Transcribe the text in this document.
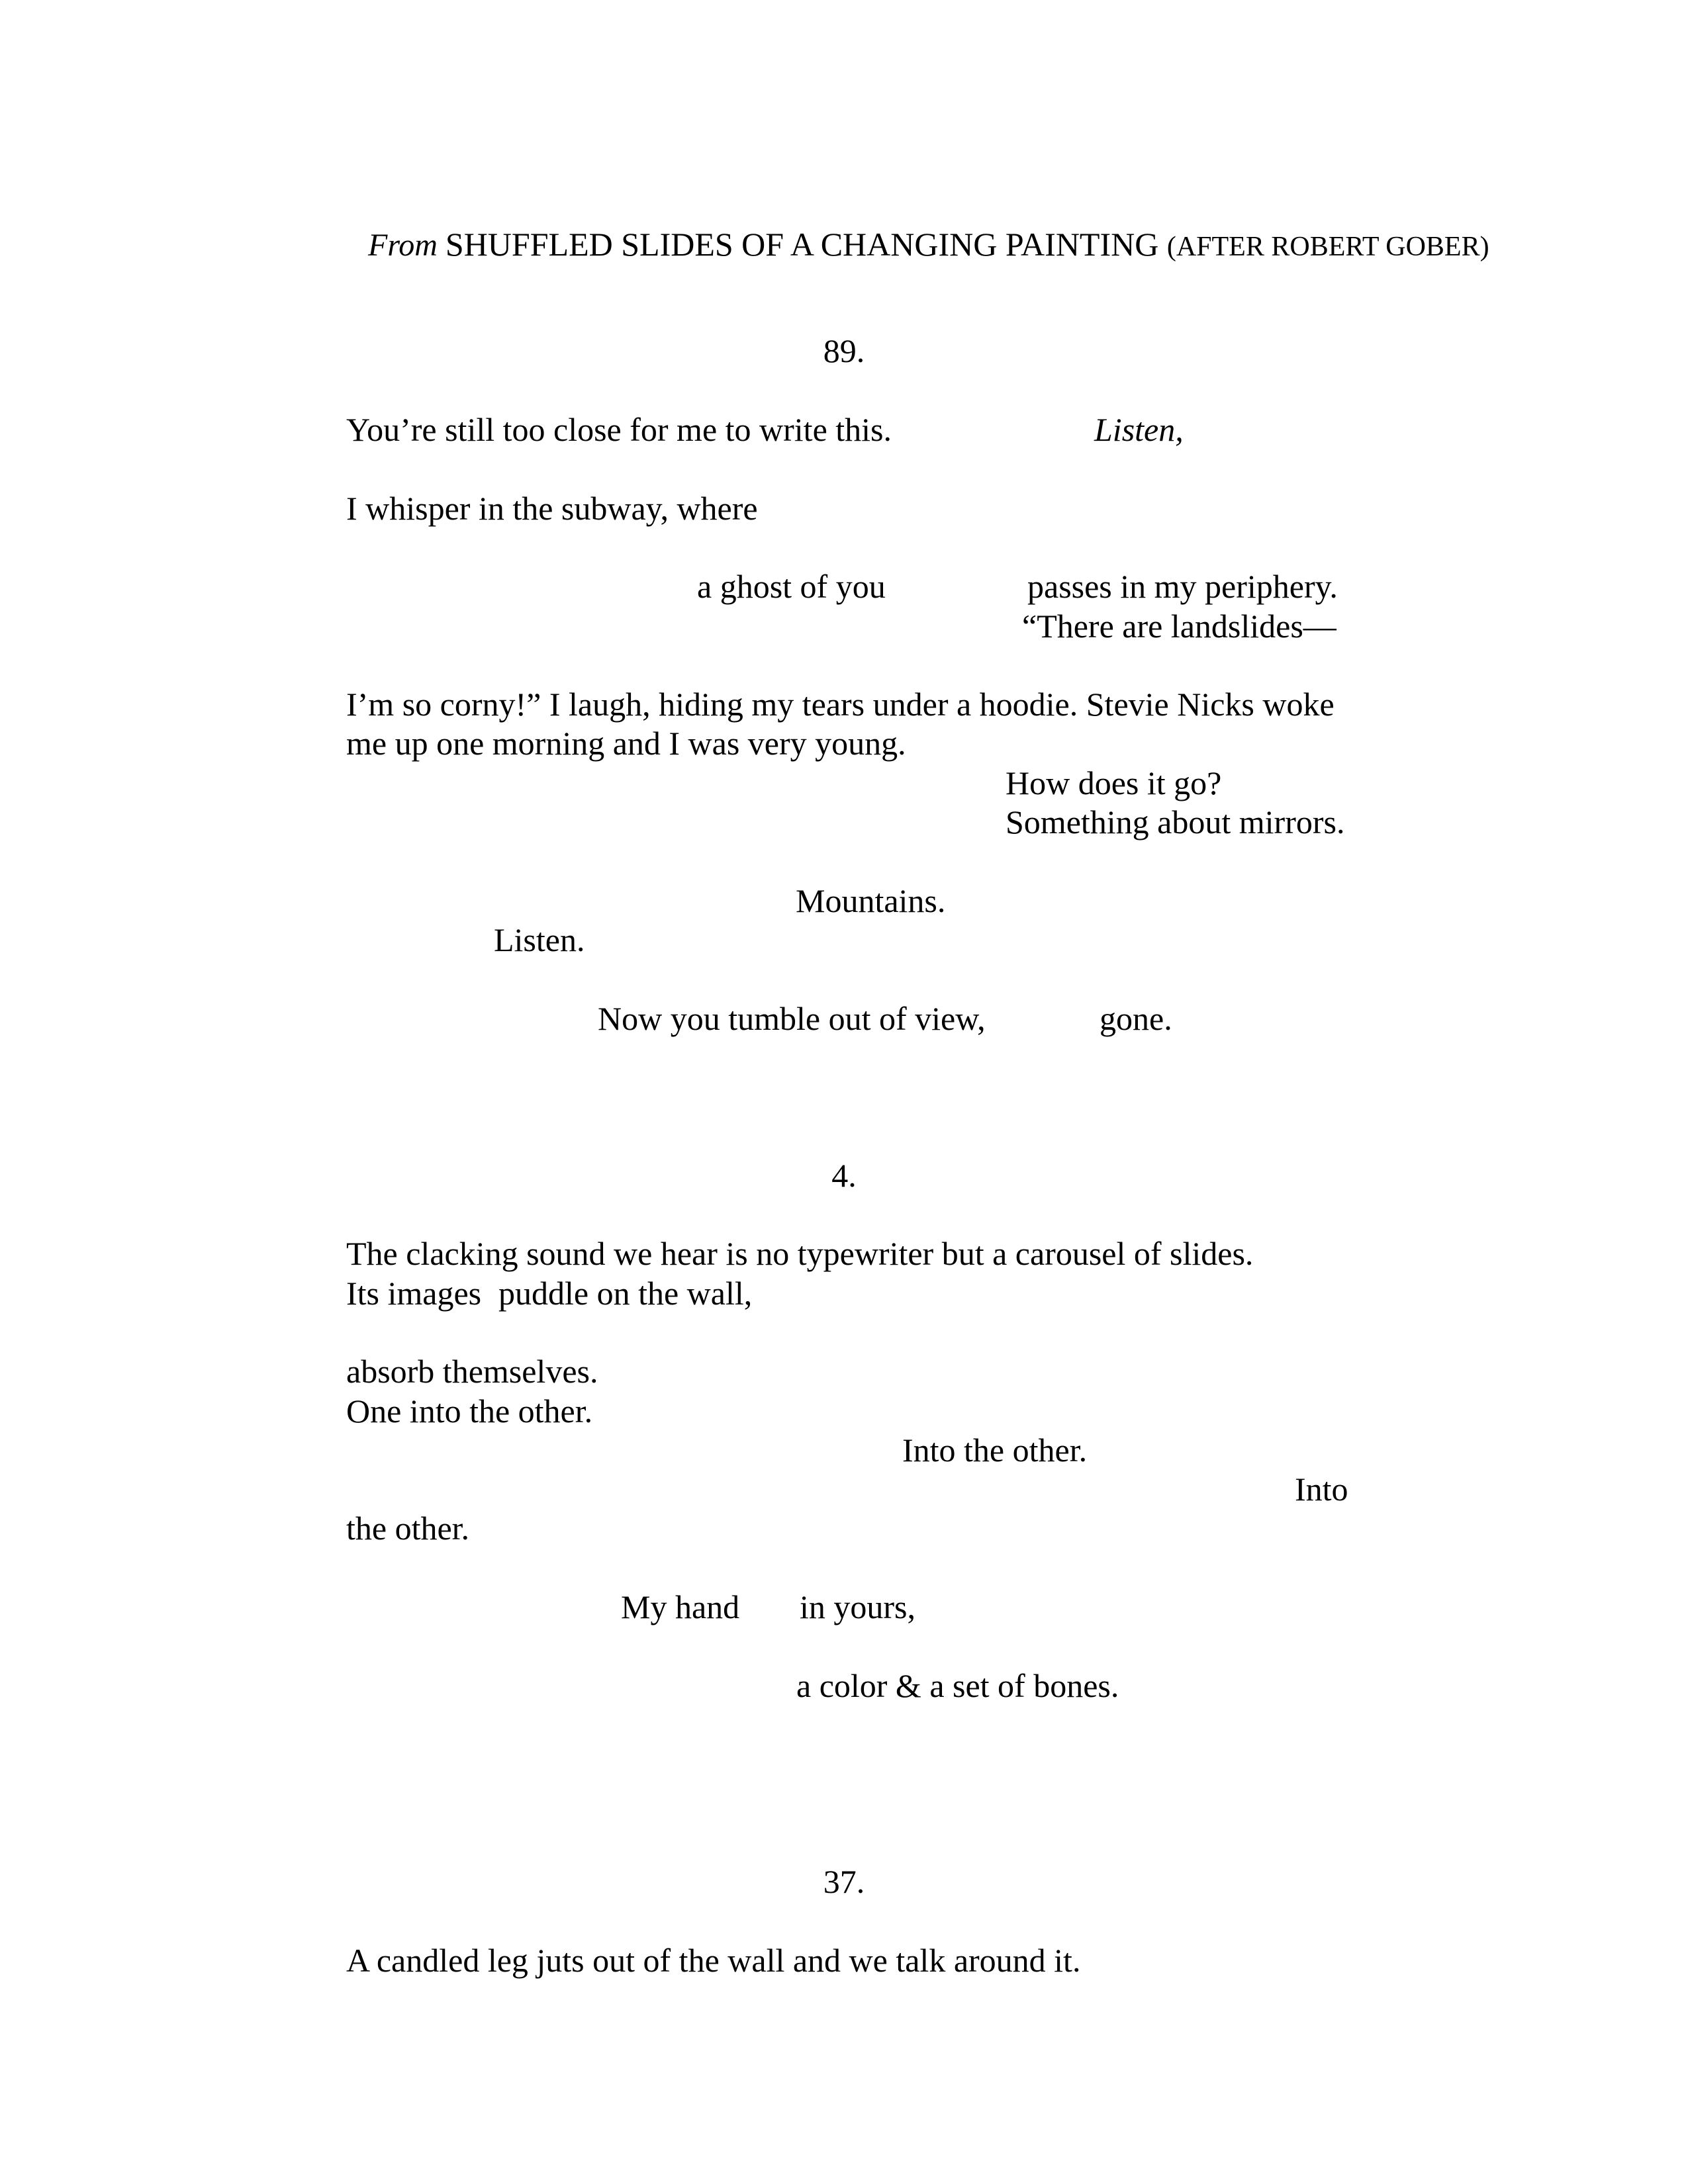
From SHUFFLED SLIDES OF A CHANGING PAINTING (AFTER ROBERT GOBER)
89.
You’re still too close for me to write this.	Listen,
I whisper in the subway, where
a ghost of you	passes in my periphery.
“There are landslides—
I’m so corny!” I laugh, hiding my tears under a hoodie. Stevie Nicks woke
me up one morning and I was very young.
How does it go?
Something about mirrors.
Mountains.
Listen.
Now you tumble out of view,	gone.
4.
The clacking sound we hear is no typewriter but a carousel of slides.
Its images puddle on the wall,
absorb themselves.
One into the other.
Into the other.
Into
the other.
My hand in yours,
a color & a set of bones.
37.
A candled leg juts out of the wall and we talk around it.
